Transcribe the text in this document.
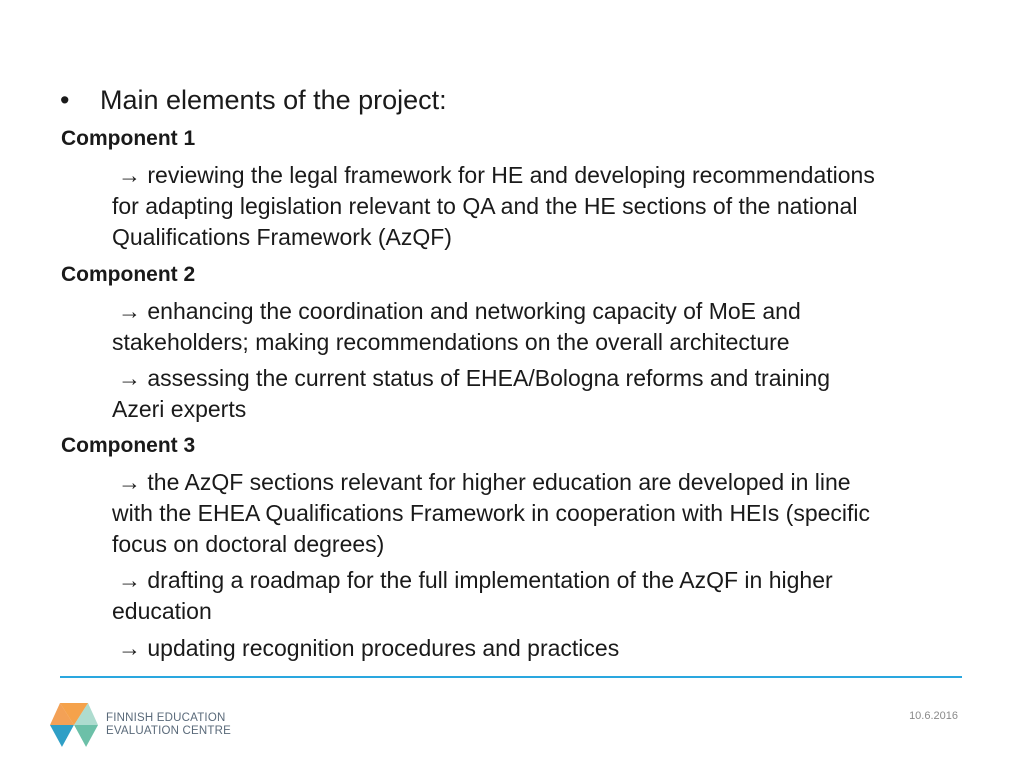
• Main elements of the project:
Component 1
→ reviewing the legal framework for HE and developing recommendations
for adapting legislation relevant to QA and the HE sections of the national
Qualifications Framework (AzQF)
Component 2
→ enhancing the coordination and networking capacity of MoE and
stakeholders; making recommendations on the overall architecture
→ assessing the current status of EHEA/Bologna reforms and training
Azeri experts
Component 3
→ the AzQF sections relevant for higher education are developed in line
with the EHEA Qualifications Framework in cooperation with HEIs (specific
focus on doctoral degrees)
→ drafting a roadmap for the full implementation of the AzQF in higher
education
→ updating recognition procedures and practices
FINNISH EDUCATION
EVALUATION CENTRE
10.6.2016
